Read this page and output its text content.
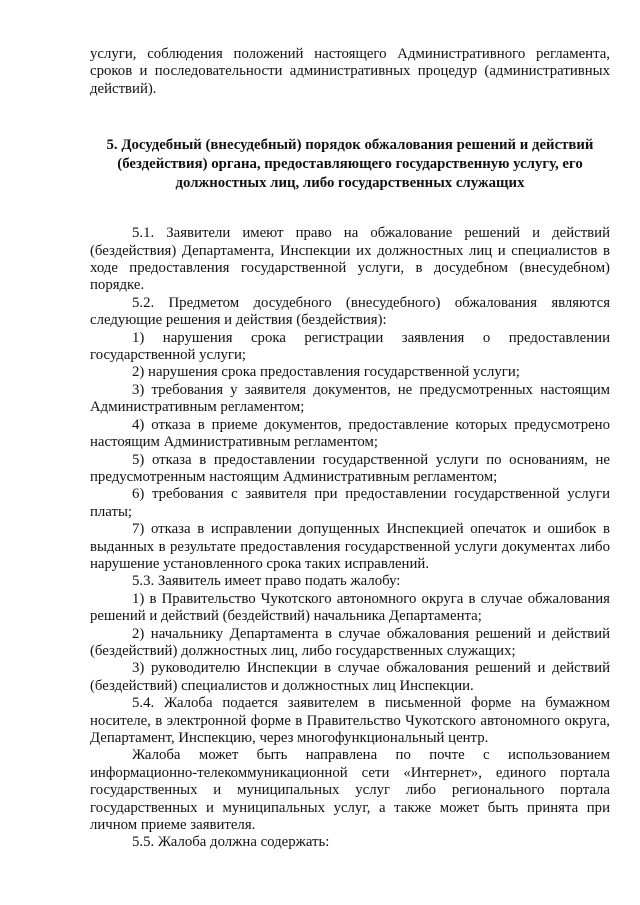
услуги, соблюдения положений настоящего Административного регламента, сроков и последовательности административных процедур (административных действий).

5. Досудебный (внесудебный) порядок обжалования решений и действий (бездействия) органа, предоставляющего государственную услугу, его должностных лиц, либо государственных служащих

5.1. Заявители имеют право на обжалование решений и действий (бездействия) Департамента, Инспекции их должностных лиц и специалистов в ходе предоставления государственной услуги, в досудебном (внесудебном) порядке.

5.2. Предметом досудебного (внесудебного) обжалования являются следующие решения и действия (бездействия):

1) нарушения срока регистрации заявления о предоставлении государственной услуги;

2) нарушения срока предоставления государственной услуги;

3) требования у заявителя документов, не предусмотренных настоящим Административным регламентом;

4) отказа в приеме документов, предоставление которых предусмотрено настоящим Административным регламентом;

5) отказа в предоставлении государственной услуги по основаниям, не предусмотренным настоящим Административным регламентом;

6) требования с заявителя при предоставлении государственной услуги платы;

7) отказа в исправлении допущенных Инспекцией опечаток и ошибок в выданных в результате предоставления государственной услуги документах либо нарушение установленного срока таких исправлений.

5.3. Заявитель имеет право подать жалобу:

1) в Правительство Чукотского автономного округа в случае обжалования решений и действий (бездействий) начальника Департамента;

2) начальнику Департамента в случае обжалования решений и действий (бездействий) должностных лиц, либо государственных служащих;

3) руководителю Инспекции в случае обжалования решений и действий (бездействий) специалистов и должностных лиц Инспекции.

5.4. Жалоба подается заявителем в письменной форме на бумажном носителе, в электронной форме в Правительство Чукотского автономного округа, Департамент, Инспекцию, через многофункциональный центр.

Жалоба может быть направлена по почте с использованием информационно-телекоммуникационной сети «Интернет», единого портала государственных и муниципальных услуг либо регионального портала государственных и муниципальных услуг, а также может быть принята при личном приеме заявителя.

5.5. Жалоба должна содержать:
